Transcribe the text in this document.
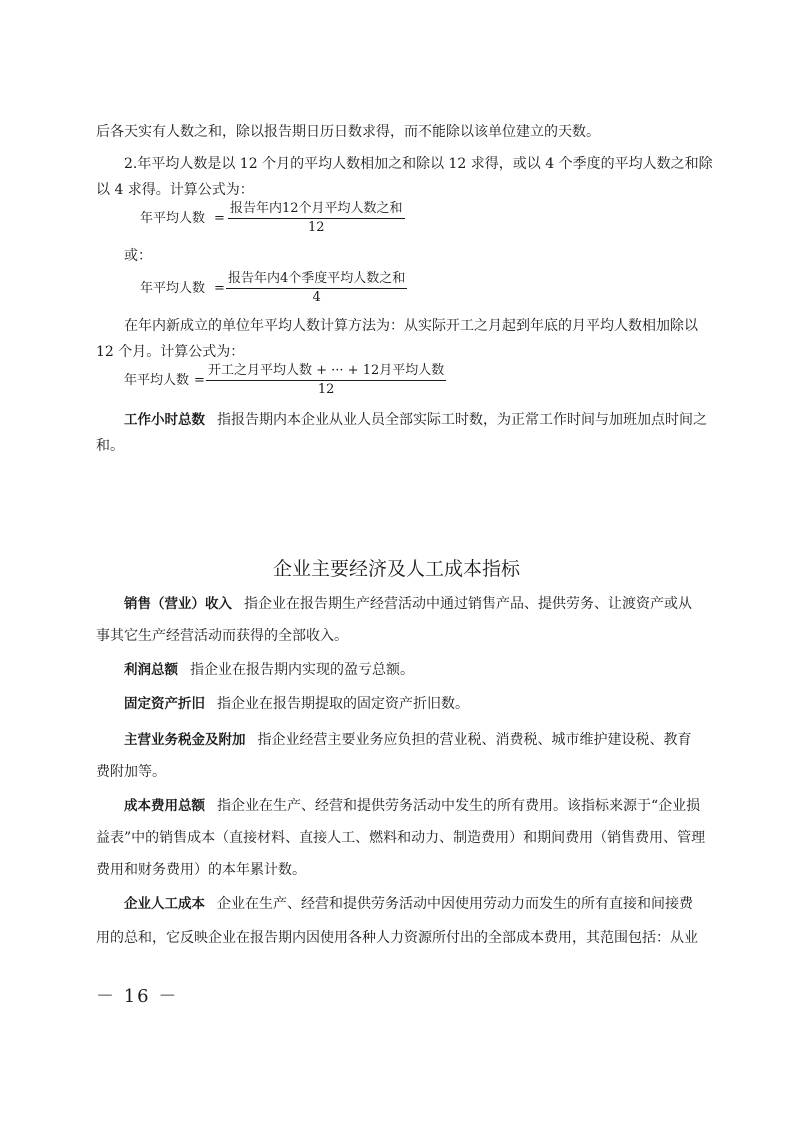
后各天实有人数之和，除以报告期日历日数求得，而不能除以该单位建立的天数。
2.年平均人数是以 12 个月的平均人数相加之和除以 12 求得，或以 4 个季度的平均人数之和除
以 4 求得。计算公式为：
年平均人数 =
报告年内12个月平均人数之和
12
或：
年平均人数 =
报告年内4个季度平均人数之和
4
在年内新成立的单位年平均人数计算方法为：从实际开工之月起到年底的月平均人数相加除以
12 个月。计算公式为：
年平均人数 =
开工之月平均人数 + ··· + 12月平均人数
12
工作小时总数 指报告期内本企业从业人员全部实际工时数，为正常工作时间与加班加点时间之
和。
企业主要经济及人工成本指标
销售（营业）收入 指企业在报告期生产经营活动中通过销售产品、提供劳务、让渡资产或从
事其它生产经营活动而获得的全部收入。
利润总额 指企业在报告期内实现的盈亏总额。
固定资产折旧 指企业在报告期提取的固定资产折旧数。
主营业务税金及附加 指企业经营主要业务应负担的营业税、消费税、城市维护建设税、教育
费附加等。
成本费用总额 指企业在生产、经营和提供劳务活动中发生的所有费用。该指标来源于“企业损
益表”中的销售成本（直接材料、直接人工、燃料和动力、制造费用）和期间费用（销售费用、管理
费用和财务费用）的本年累计数。
企业人工成本 企业在生产、经营和提供劳务活动中因使用劳动力而发生的所有直接和间接费
用的总和，它反映企业在报告期内因使用各种人力资源所付出的全部成本费用，其范围包括：从业
－ 16 －
